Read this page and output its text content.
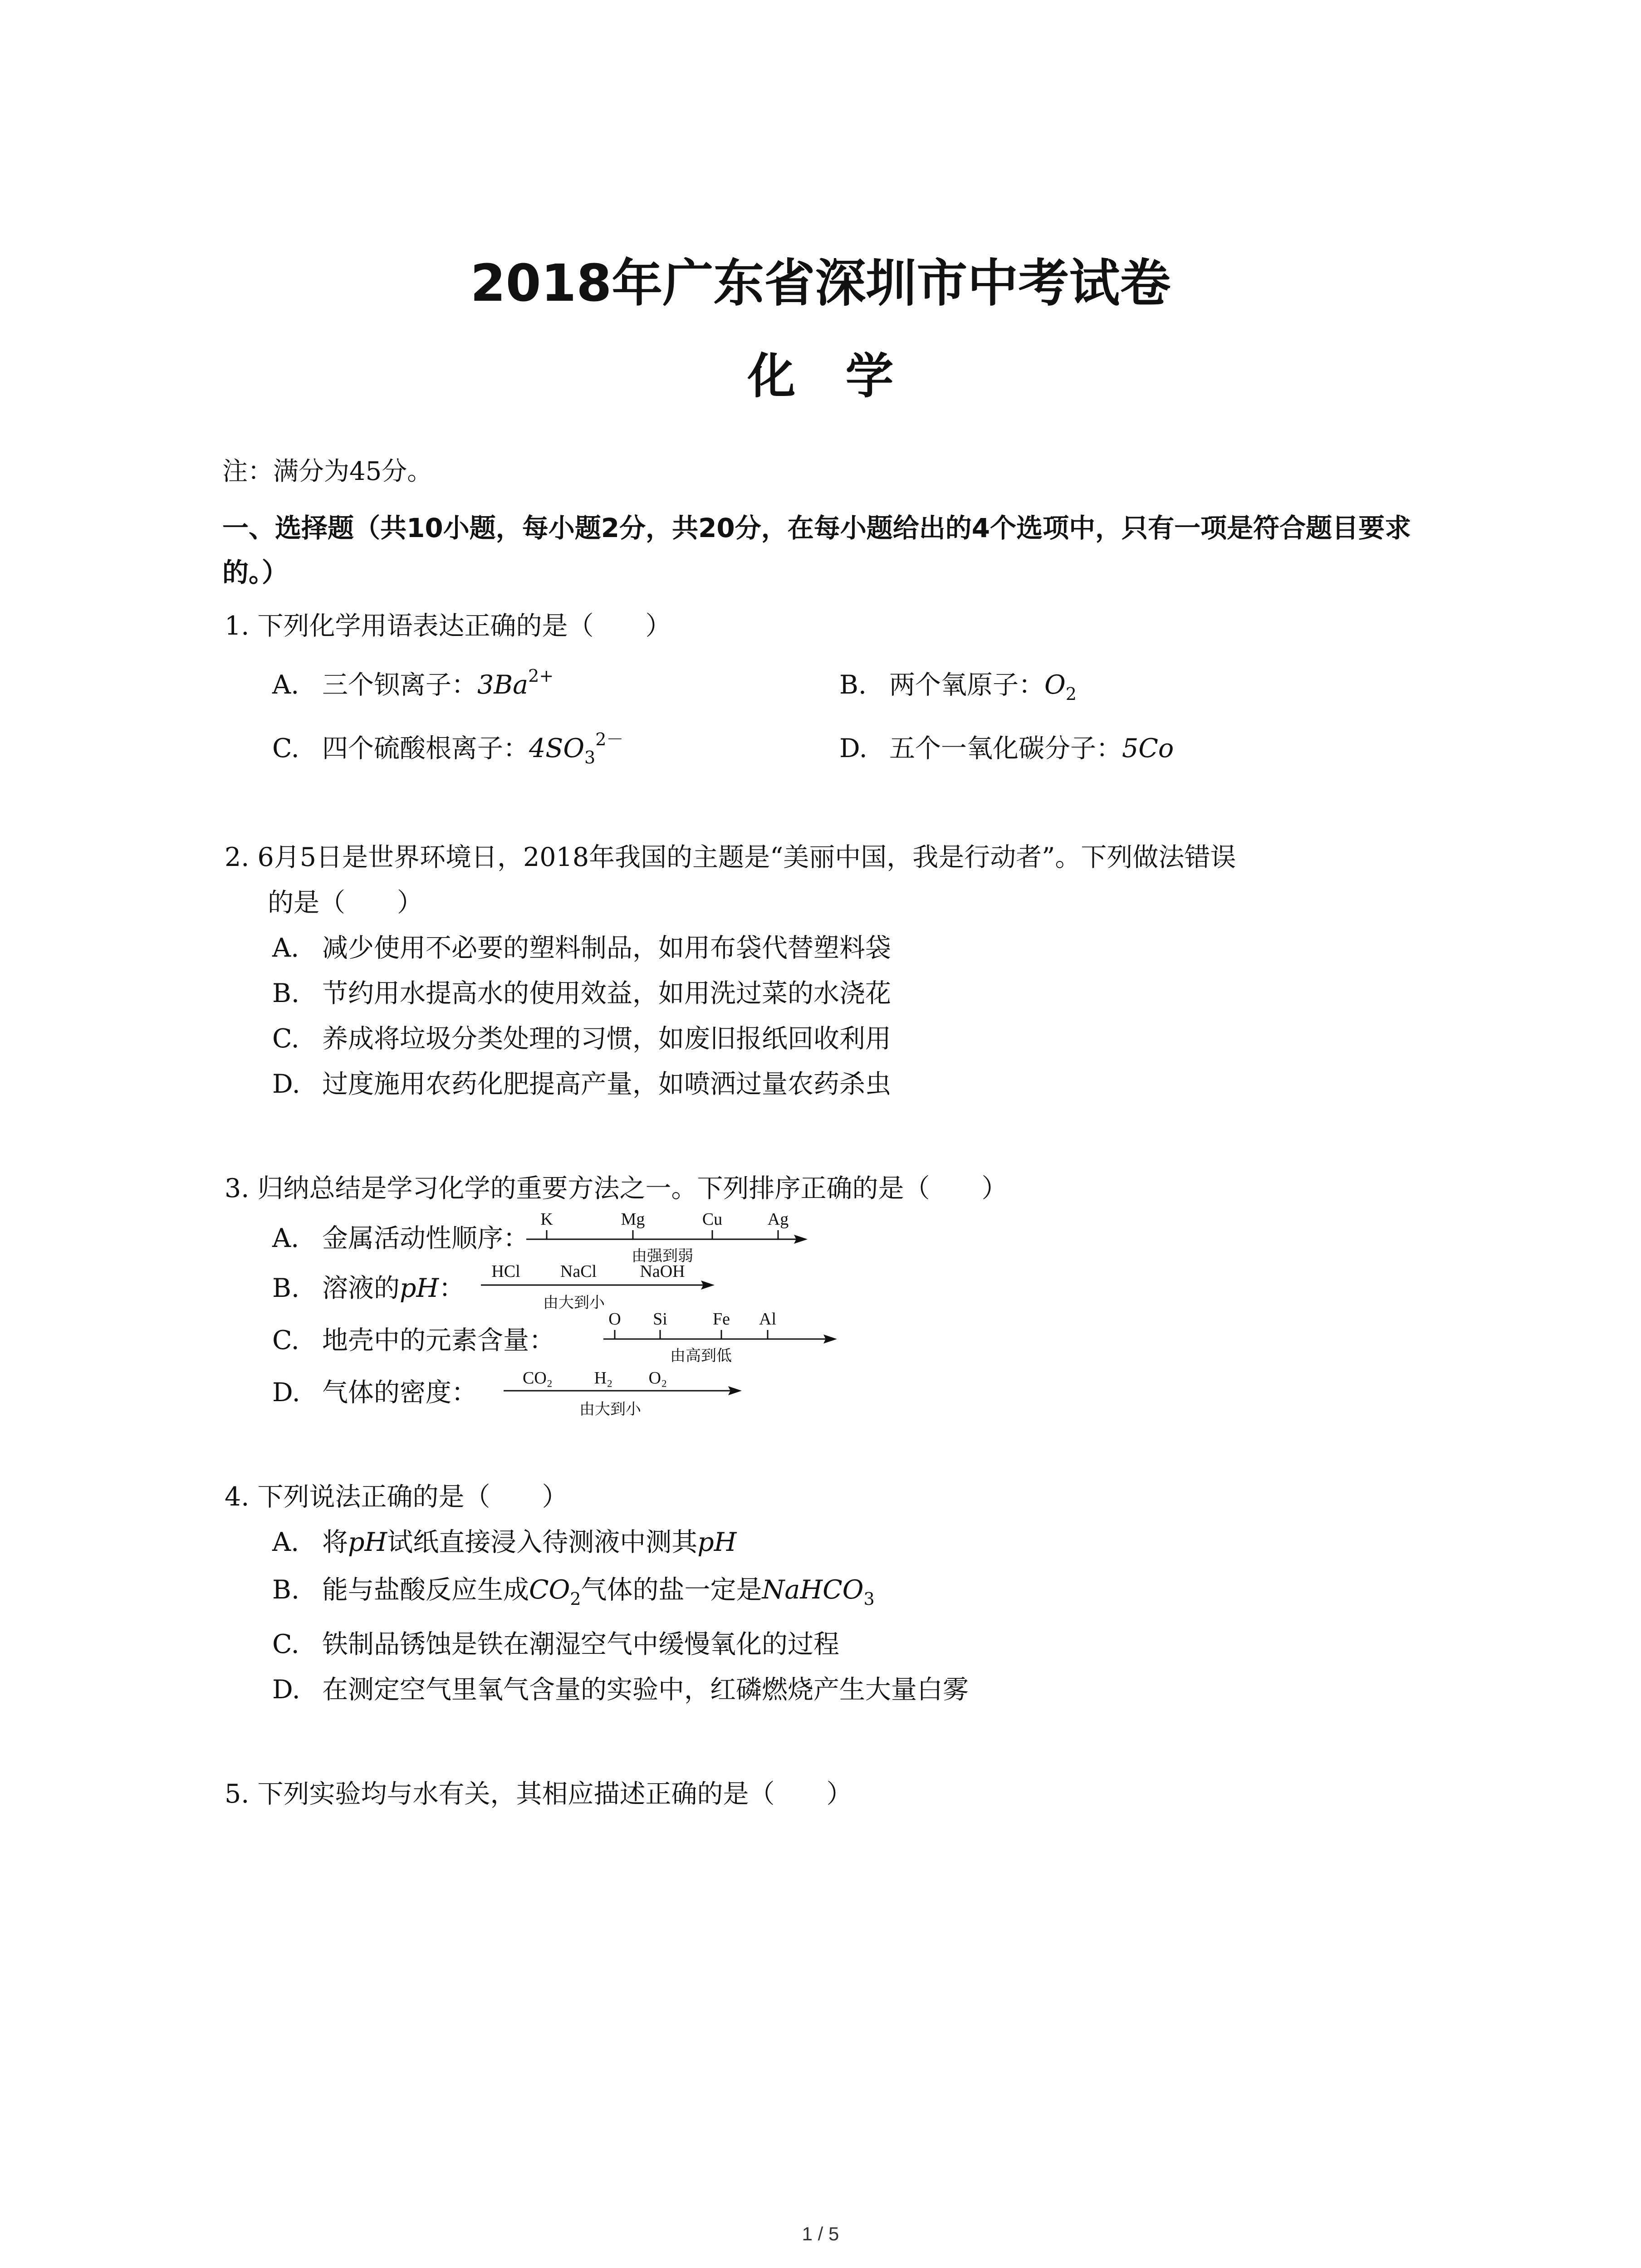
2018年广东省深圳市中考试卷
化学
注：满分为45分。
一、选择题（共10小题，每小题2分，共20分，在每小题给出的4个选项中，只有一项是符合题目要求的。）
1. 下列化学用语表达正确的是（　　）
A. 三个钡离子：$3Ba^{2+}$	B. 两个氧原子：$O_2$
C. 四个硫酸根离子：$4SO_3^{2-}$	D. 五个一氧化碳分子：5Co
2. 6月5日是世界环境日，2018年我国的主题是“美丽中国，我是行动者”。下列做法错误
的是（　　）
A. 减少使用不必要的塑料制品，如用布袋代替塑料袋
B. 节约用水提高水的使用效益，如用洗过菜的水浇花
C. 养成将垃圾分类处理的习惯，如废旧报纸回收利用
D. 过度施用农药化肥提高产量，如喷洒过量农药杀虫
3. 归纳总结是学习化学的重要方法之一。下列排序正确的是（　　）
A. 金属活动性顺序：
K	Mg	Cu	Ag
由强到弱
B. 溶液的pH：
HCl NaCl	NaOH
由大到小
C. 地壳中的元素含量：
O Si	Fe Al
由高到低
D. 气体的密度：	CO₂ H₂ O₂
由大到小
4. 下列说法正确的是（　　）
A. 将pH试纸直接浸入待测液中测其pH
B. 能与盐酸反应生成$CO_2$气体的盐一定是NaHCO$_3$
C. 铁制品锈蚀是铁在潮湿空气中缓慢氧化的过程
D. 在测定空气里氧气含量的实验中，红磷燃烧产生大量白雾
5. 下列实验均与水有关，其相应描述正确的是（　　）
1 / 5
